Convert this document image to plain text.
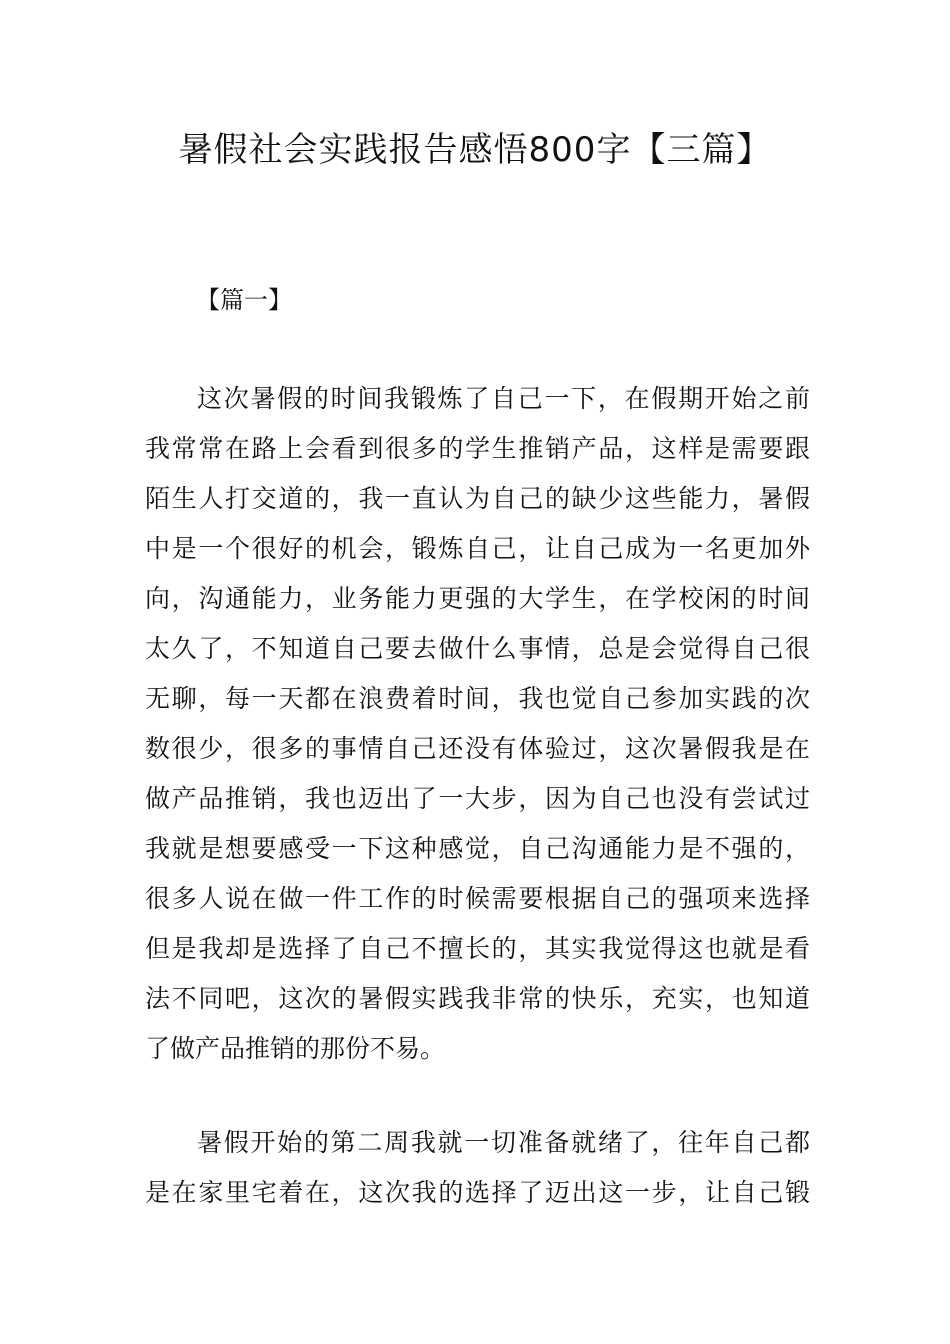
暑假社会实践报告感悟800字【三篇】
【篇一】
这次暑假的时间我锻炼了自己一下，在假期开始之前
我常常在路上会看到很多的学生推销产品，这样是需要跟
陌生人打交道的，我一直认为自己的缺少这些能力，暑假
中是一个很好的机会，锻炼自己，让自己成为一名更加外
向，沟通能力，业务能力更强的大学生，在学校闲的时间
太久了，不知道自己要去做什么事情，总是会觉得自己很
无聊，每一天都在浪费着时间，我也觉自己参加实践的次
数很少，很多的事情自己还没有体验过，这次暑假我是在
做产品推销，我也迈出了一大步，因为自己也没有尝试过
我就是想要感受一下这种感觉，自己沟通能力是不强的，
很多人说在做一件工作的时候需要根据自己的强项来选择
但是我却是选择了自己不擅长的，其实我觉得这也就是看
法不同吧，这次的暑假实践我非常的快乐，充实，也知道
了做产品推销的那份不易。
暑假开始的第二周我就一切准备就绪了，往年自己都
是在家里宅着在，这次我的选择了迈出这一步，让自己锻
